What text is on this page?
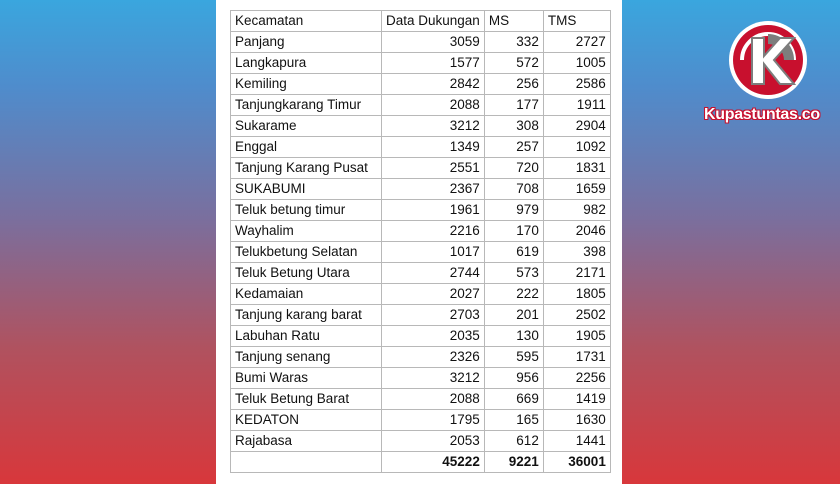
Kecamatan	Data Dukungan	MS	TMS
Panjang	3059	332	2727
Langkapura	1577	572	1005
Kemiling	2842	256	2586
Tanjungkarang Timur	2088	177	1911
Sukarame	3212	308	2904
Enggal	1349	257	1092
Tanjung Karang Pusat	2551	720	1831
SUKABUMI	2367	708	1659
Teluk betung timur	1961	979	982
Wayhalim	2216	170	2046
Telukbetung Selatan	1017	619	398
Teluk Betung Utara	2744	573	2171
Kedamaian	2027	222	1805
Tanjung karang barat	2703	201	2502
Labuhan Ratu	2035	130	1905
Tanjung senang	2326	595	1731
Bumi Waras	3212	956	2256
Teluk Betung Barat	2088	669	1419
KEDATON	1795	165	1630
Rajabasa	2053	612	1441
	45222	9221	36001
Kupastuntas.co
